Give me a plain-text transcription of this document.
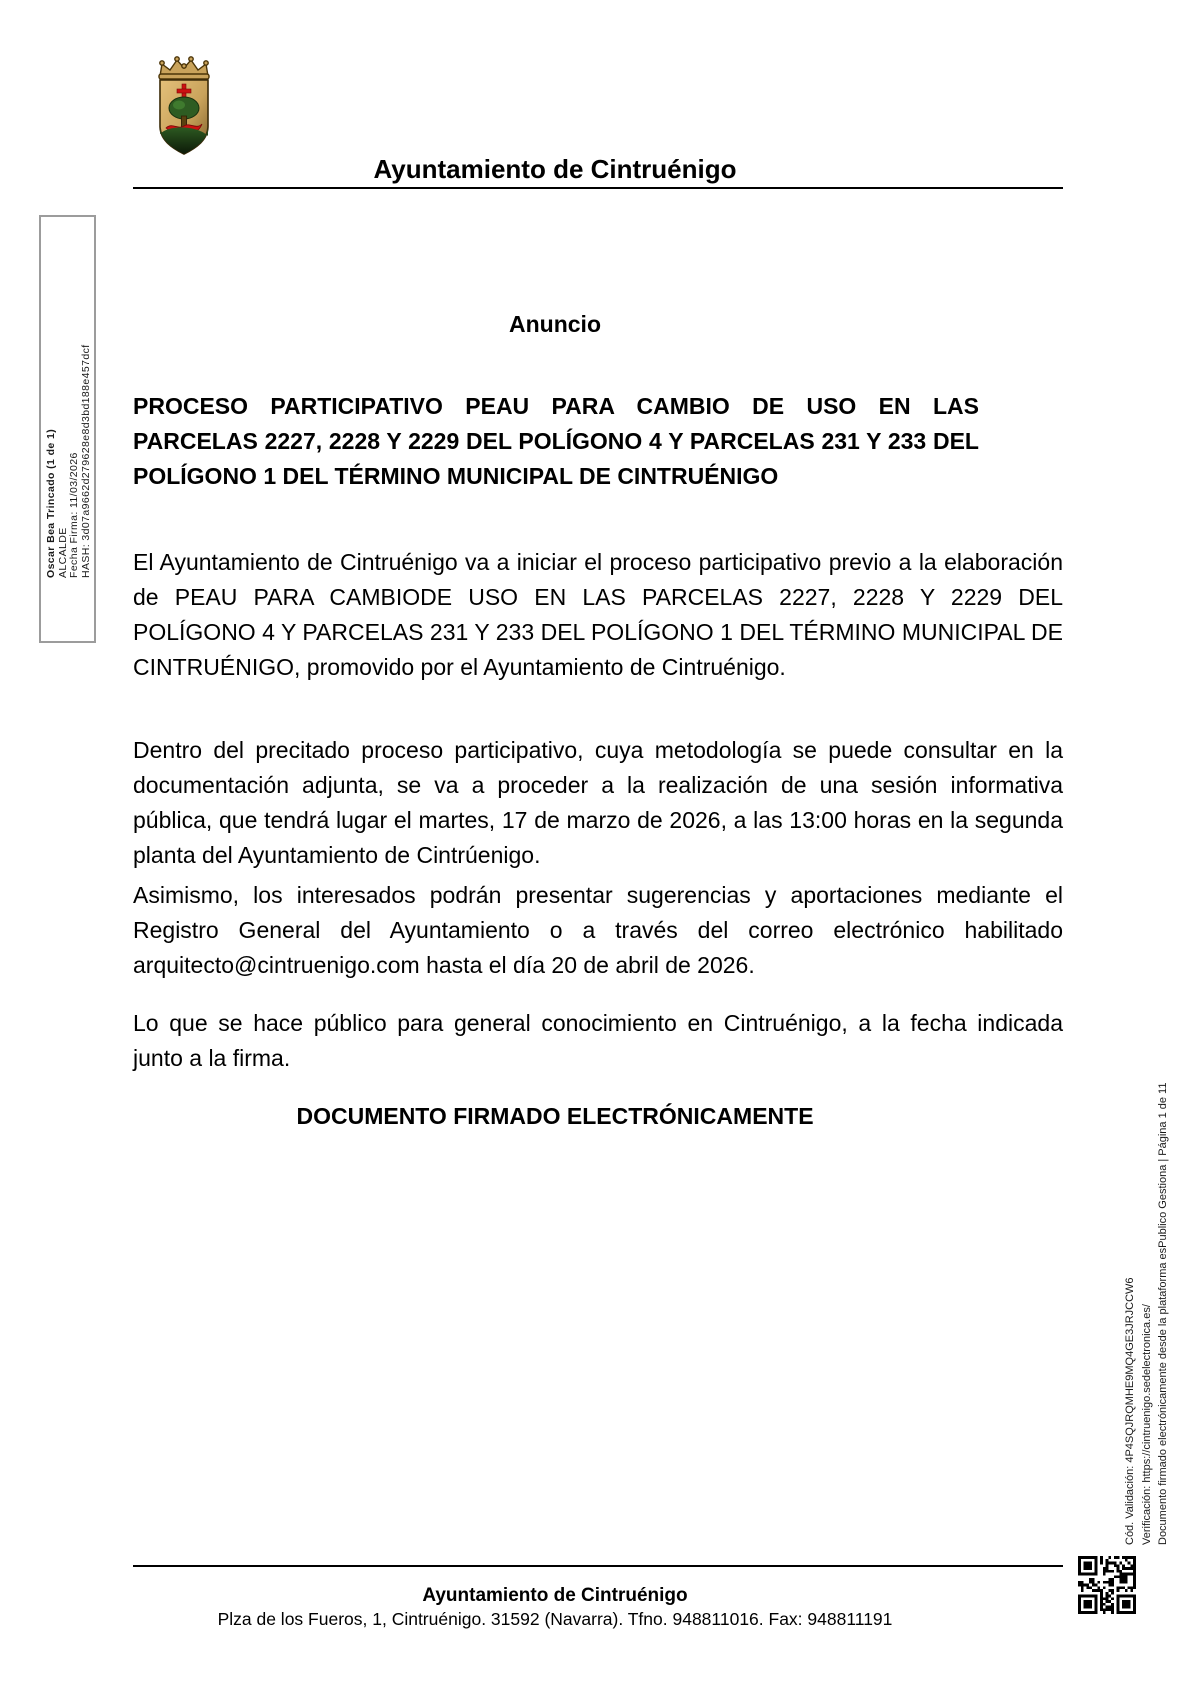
Ayuntamiento de Cintruénigo
Oscar Bea Trincado (1 de 1) ALCALDE Fecha Firma: 11/03/2026 HASH: 3d07a9662d279628e8d3bd188e457dcf
Anuncio
PROCESO PARTICIPATIVO PEAU PARA CAMBIO DE USO EN LAS PARCELAS 2227, 2228 Y 2229 DEL POLÍGONO 4 Y PARCELAS 231 Y 233 DEL POLÍGONO 1 DEL TÉRMINO MUNICIPAL DE CINTRUÉNIGO

El Ayuntamiento de Cintruénigo va a iniciar el proceso participativo previo a la elaboración de PEAU PARA CAMBIODE USO EN LAS PARCELAS 2227, 2228 Y 2229 DEL POLÍGONO 4 Y PARCELAS 231 Y 233 DEL POLÍGONO 1 DEL TÉRMINO MUNICIPAL DE CINTRUÉNIGO, promovido por el Ayuntamiento de Cintruénigo.

Dentro del precitado proceso participativo, cuya metodología se puede consultar en la documentación adjunta, se va a proceder a la realización de una sesión informativa pública, que tendrá lugar el martes, 17 de marzo de 2026, a las 13:00 horas en la segunda planta del Ayuntamiento de Cintrúenigo.

Asimismo, los interesados podrán presentar sugerencias y aportaciones mediante el Registro General del Ayuntamiento o a través del correo electrónico habilitado arquitecto@cintruenigo.com hasta el día 20 de abril de 2026.

Lo que se hace público para general conocimiento en Cintruénigo, a la fecha indicada junto a la firma.

DOCUMENTO FIRMADO ELECTRÓNICAMENTE
Cód. Validación: 4P4SQJRQMHE9MQ4GE3JRJCCW6 Verificación: https://cintruenigo.sedelectronica.es/ Documento firmado electrónicamente desde la plataforma esPublico Gestiona | Página 1 de 11
Ayuntamiento de Cintruénigo
Plza de los Fueros, 1, Cintruénigo. 31592 (Navarra). Tfno. 948811016. Fax: 948811191
